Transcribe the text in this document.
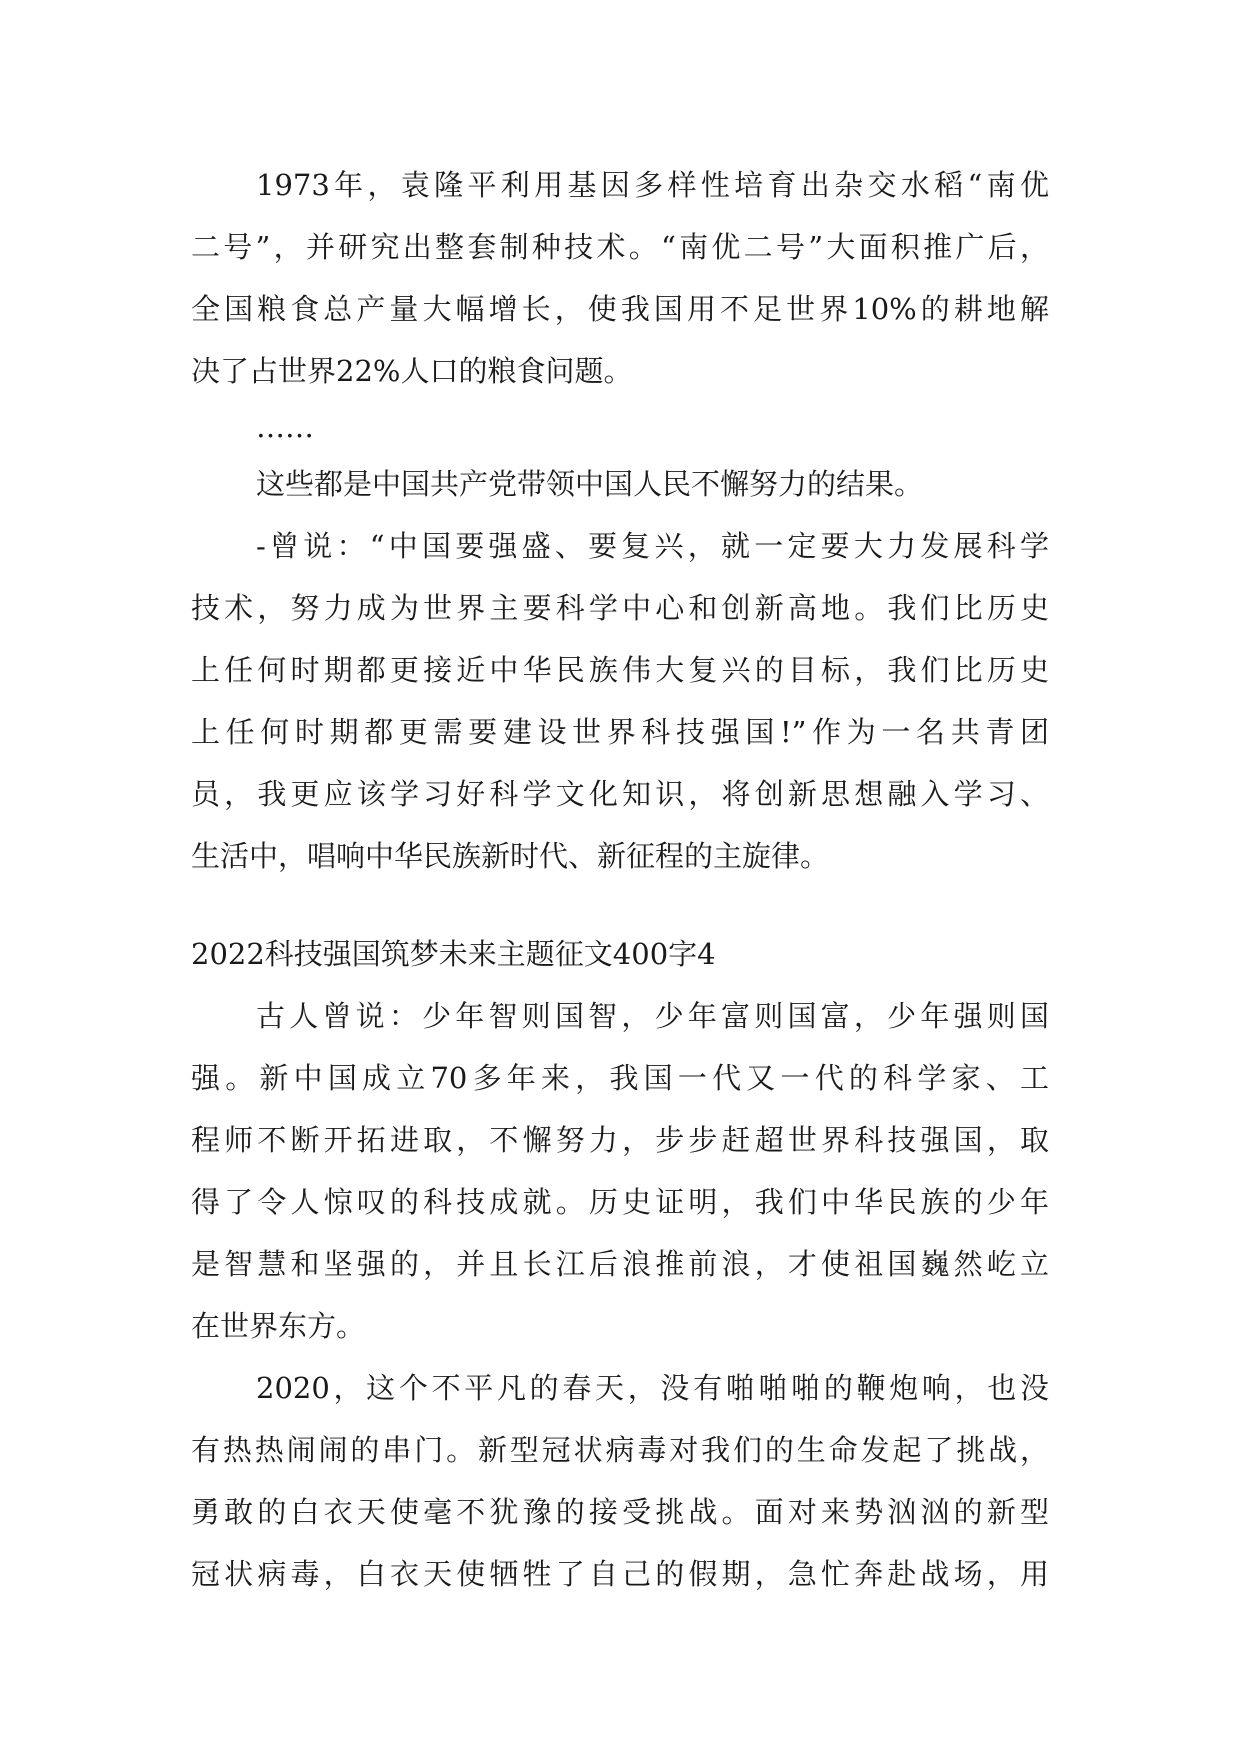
1973年，袁隆平利用基因多样性培育出杂交水稻“南优

二号”，并研究出整套制种技术。“南优二号”大面积推广后，

全国粮食总产量大幅增长，使我国用不足世界10%的耕地解

决了占世界22%人口的粮食问题。

……

这些都是中国共产党带领中国人民不懈努力的结果。

-曾说：“中国要强盛、要复兴，就一定要大力发展科学

技术，努力成为世界主要科学中心和创新高地。我们比历史

上任何时期都更接近中华民族伟大复兴的目标，我们比历史

上任何时期都更需要建设世界科技强国!”作为一名共青团

员，我更应该学习好科学文化知识，将创新思想融入学习、

生活中，唱响中华民族新时代、新征程的主旋律。

2022科技强国筑梦未来主题征文400字4

古人曾说：少年智则国智，少年富则国富，少年强则国

强。新中国成立70多年来，我国一代又一代的科学家、工

程师不断开拓进取，不懈努力，步步赶超世界科技强国，取

得了令人惊叹的科技成就。历史证明，我们中华民族的少年

是智慧和坚强的，并且长江后浪推前浪，才使祖国巍然屹立

在世界东方。

2020，这个不平凡的春天，没有啪啪啪的鞭炮响，也没

有热热闹闹的串门。新型冠状病毒对我们的生命发起了挑战，

勇敢的白衣天使毫不犹豫的接受挑战。面对来势汹汹的新型

冠状病毒，白衣天使牺牲了自己的假期，急忙奔赴战场，用
